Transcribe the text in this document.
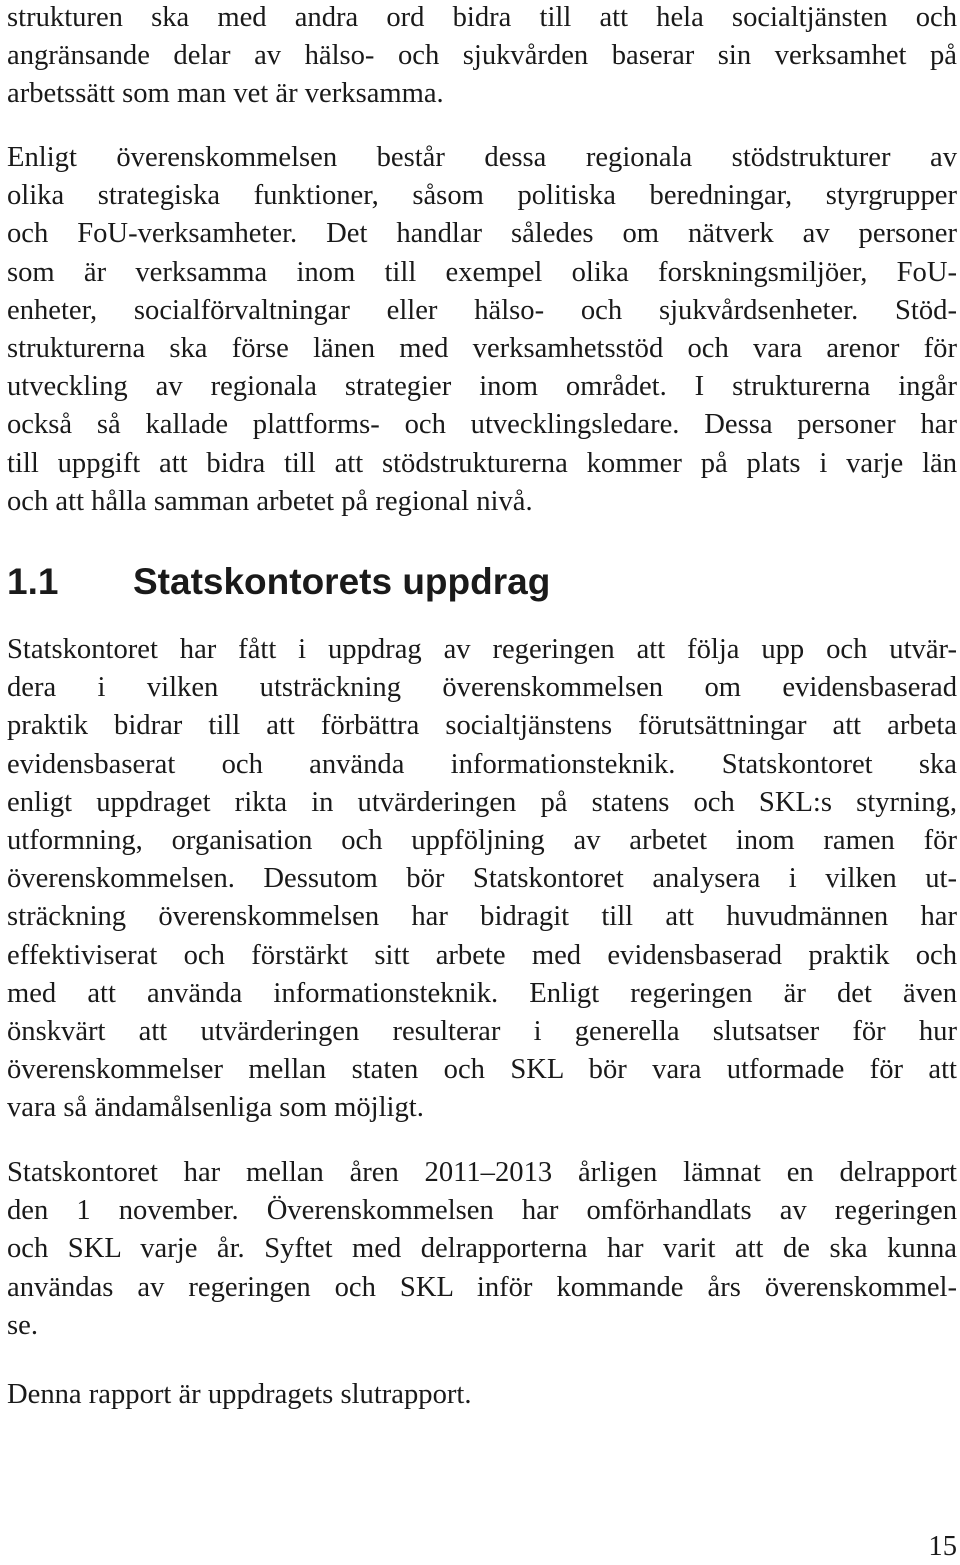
strukturen ska med andra ord bidra till att hela socialtjänsten och
angränsande delar av hälso- och sjukvården baserar sin verksamhet på
arbetssätt som man vet är verksamma.
Enligt överenskommelsen består dessa regionala stödstrukturer av
olika strategiska funktioner, såsom politiska beredningar, styrgrupper
och FoU-verksamheter. Det handlar således om nätverk av personer
som är verksamma inom till exempel olika forskningsmiljöer, FoU-
enheter, socialförvaltningar eller hälso- och sjukvårdsenheter. Stöd-
strukturerna ska förse länen med verksamhetsstöd och vara arenor för
utveckling av regionala strategier inom området. I strukturerna ingår
också så kallade plattforms- och utvecklingsledare. Dessa personer har
till uppgift att bidra till att stödstrukturerna kommer på plats i varje län
och att hålla samman arbetet på regional nivå.
1.1 Statskontorets uppdrag
Statskontoret har fått i uppdrag av regeringen att följa upp och utvär-
dera i vilken utsträckning överenskommelsen om evidensbaserad
praktik bidrar till att förbättra socialtjänstens förutsättningar att arbeta
evidensbaserat och använda informationsteknik. Statskontoret ska
enligt uppdraget rikta in utvärderingen på statens och SKL:s styrning,
utformning, organisation och uppföljning av arbetet inom ramen för
överenskommelsen. Dessutom bör Statskontoret analysera i vilken ut-
sträckning överenskommelsen har bidragit till att huvudmännen har
effektiviserat och förstärkt sitt arbete med evidensbaserad praktik och
med att använda informationsteknik. Enligt regeringen är det även
önskvärt att utvärderingen resulterar i generella slutsatser för hur
överenskommelser mellan staten och SKL bör vara utformade för att
vara så ändamålsenliga som möjligt.
Statskontoret har mellan åren 2011–2013 årligen lämnat en delrapport
den 1 november. Överenskommelsen har omförhandlats av regeringen
och SKL varje år. Syftet med delrapporterna har varit att de ska kunna
användas av regeringen och SKL inför kommande års överenskommel-
se.
Denna rapport är uppdragets slutrapport.
15
